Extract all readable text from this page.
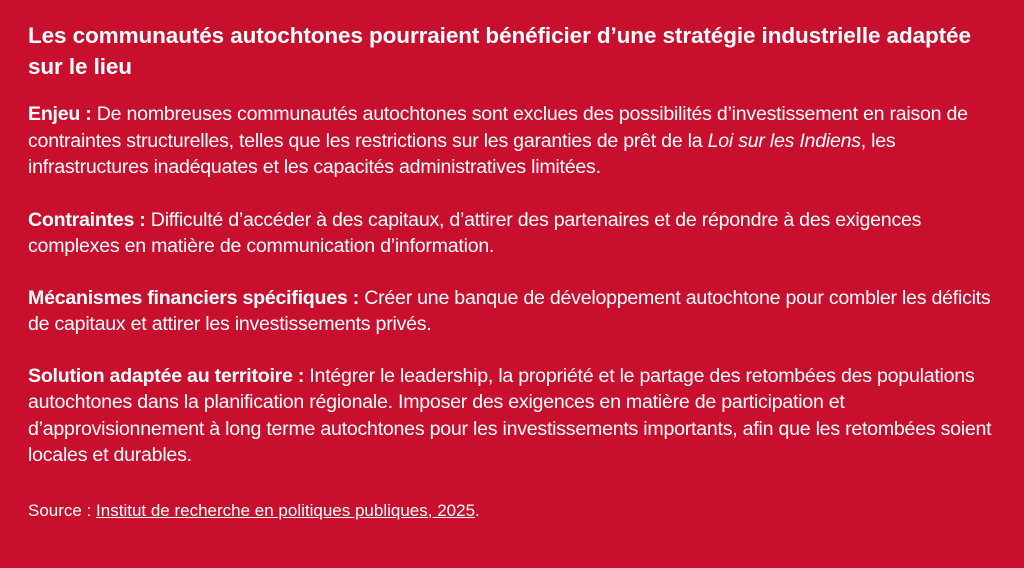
Les communautés autochtones pourraient bénéficier d’une stratégie industrielle adaptée sur le lieu

Enjeu : De nombreuses communautés autochtones sont exclues des possibilités d’investissement en raison de contraintes structurelles, telles que les restrictions sur les garanties de prêt de la Loi sur les Indiens, les infrastructures inadéquates et les capacités administratives limitées.

Contraintes : Difficulté d’accéder à des capitaux, d’attirer des partenaires et de répondre à des exigences complexes en matière de communication d’information.

Mécanismes financiers spécifiques : Créer une banque de développement autochtone pour combler les déficits de capitaux et attirer les investissements privés.

Solution adaptée au territoire : Intégrer le leadership, la propriété et le partage des retombées des populations autochtones dans la planification régionale. Imposer des exigences en matière de participation et d’approvisionnement à long terme autochtones pour les investissements importants, afin que les retombées soient locales et durables.

Source : Institut de recherche en politiques publiques, 2025.
